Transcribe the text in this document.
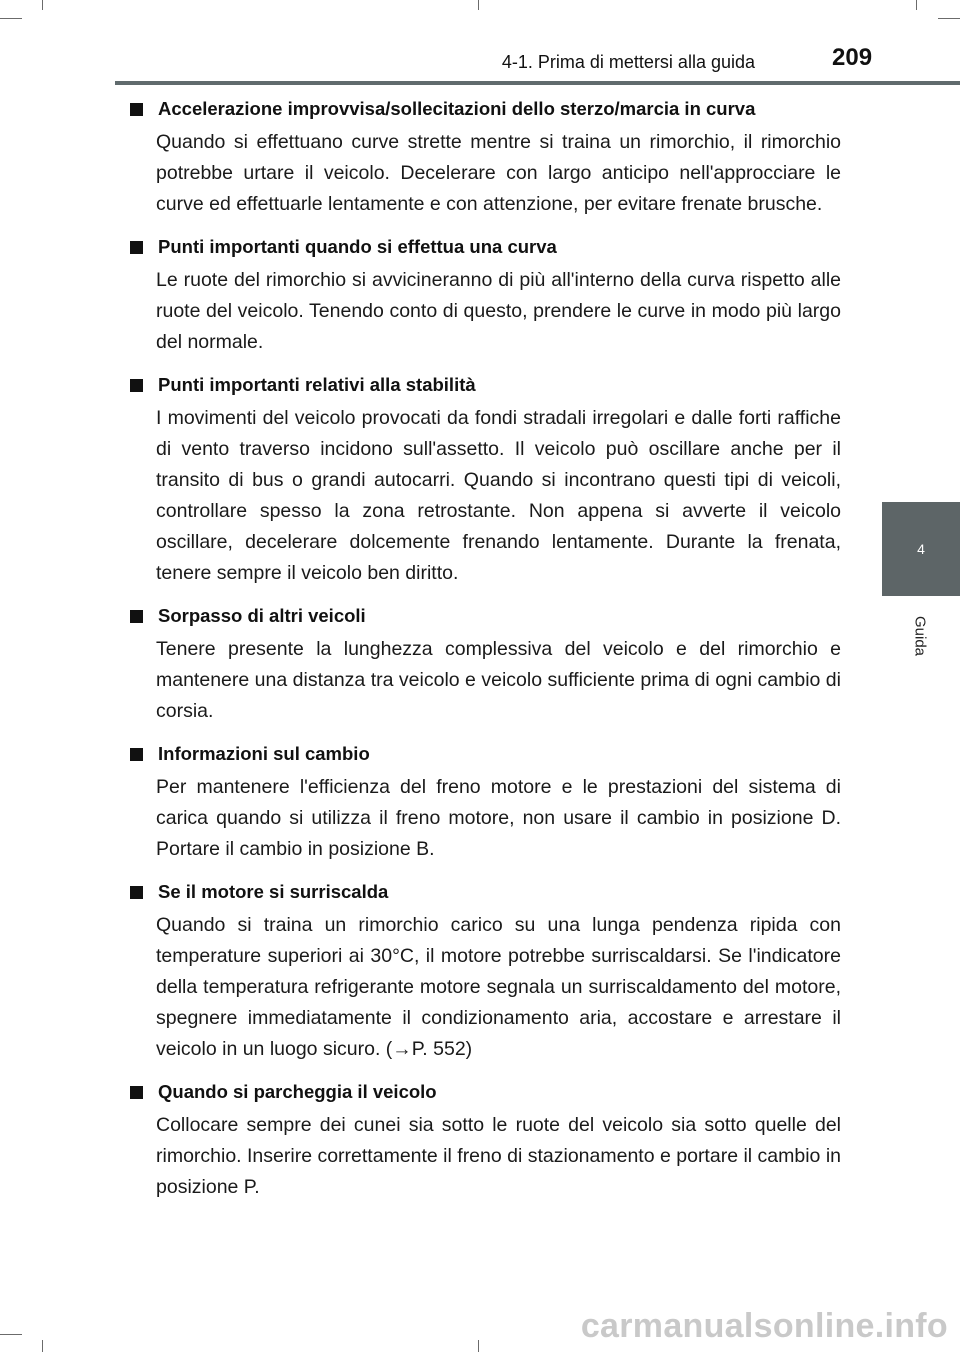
4-1. Prima di mettersi alla guida	209
4
Guida
Accelerazione improvvisa/sollecitazioni dello sterzo/marcia in curva

Quando si effettuano curve strette mentre si traina un rimorchio, il rimorchio potrebbe urtare il veicolo. Decelerare con largo anticipo nell'approcciare le curve ed effettuarle lentamente e con attenzione, per evitare frenate brusche.

Punti importanti quando si effettua una curva

Le ruote del rimorchio si avvicineranno di più all'interno della curva rispetto alle ruote del veicolo. Tenendo conto di questo, prendere le curve in modo più largo del normale.

Punti importanti relativi alla stabilità

I movimenti del veicolo provocati da fondi stradali irregolari e dalle forti raffiche di vento traverso incidono sull'assetto. Il veicolo può oscillare anche per il transito di bus o grandi autocarri. Quando si incontrano questi tipi di veicoli, controllare spesso la zona retrostante. Non appena si avverte il veicolo oscillare, decelerare dolcemente frenando lentamente. Durante la frenata, tenere sempre il veicolo ben diritto.

Sorpasso di altri veicoli

Tenere presente la lunghezza complessiva del veicolo e del rimorchio e mantenere una distanza tra veicolo e veicolo sufficiente prima di ogni cambio di corsia.

Informazioni sul cambio

Per mantenere l'efficienza del freno motore e le prestazioni del sistema di carica quando si utilizza il freno motore, non usare il cambio in posizione D. Portare il cambio in posizione B.

Se il motore si surriscalda

Quando si traina un rimorchio carico su una lunga pendenza ripida con temperature superiori ai 30°C, il motore potrebbe surriscaldarsi. Se l'indicatore della temperatura refrigerante motore segnala un surriscaldamento del motore, spegnere immediatamente il condizionamento aria, accostare e arrestare il veicolo in un luogo sicuro. (→P. 552)

Quando si parcheggia il veicolo

Collocare sempre dei cunei sia sotto le ruote del veicolo sia sotto quelle del rimorchio. Inserire correttamente il freno di stazionamento e portare il cambio in posizione P.

carmanualsonline.info
